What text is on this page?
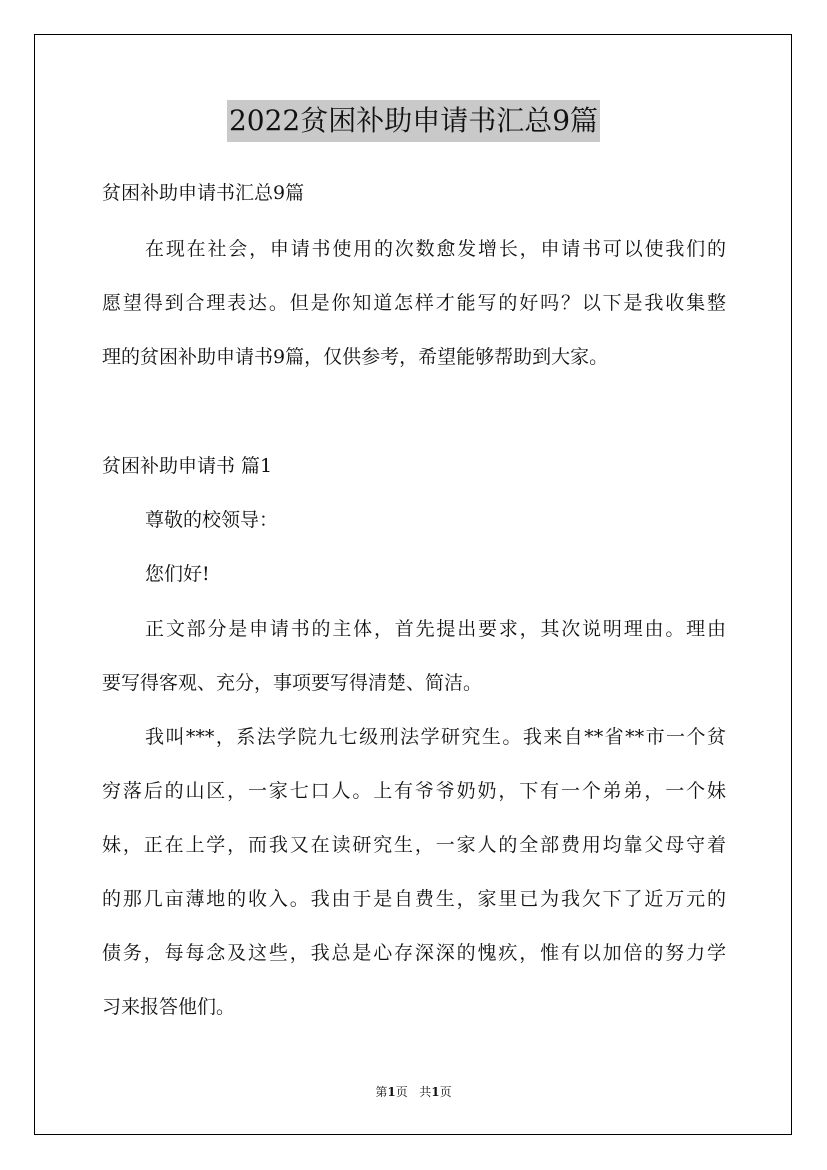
2022贫困补助申请书汇总9篇
贫困补助申请书汇总9篇
在现在社会，申请书使用的次数愈发增长，申请书可以使我们的
愿望得到合理表达。但是你知道怎样才能写的好吗？以下是我收集整
理的贫困补助申请书9篇，仅供参考，希望能够帮助到大家。
贫困补助申请书 篇1
尊敬的校领导：
您们好!
正文部分是申请书的主体，首先提出要求，其次说明理由。理由
要写得客观、充分，事项要写得清楚、简洁。
我叫***，系法学院九七级刑法学研究生。我来自**省**市一个贫
穷落后的山区，一家七口人。上有爷爷奶奶，下有一个弟弟，一个妹
妹，正在上学，而我又在读研究生，一家人的全部费用均靠父母守着
的那几亩薄地的收入。我由于是自费生，家里已为我欠下了近万元的
债务，每每念及这些，我总是心存深深的愧疚，惟有以加倍的努力学
习来报答他们。
第1页   共1页
